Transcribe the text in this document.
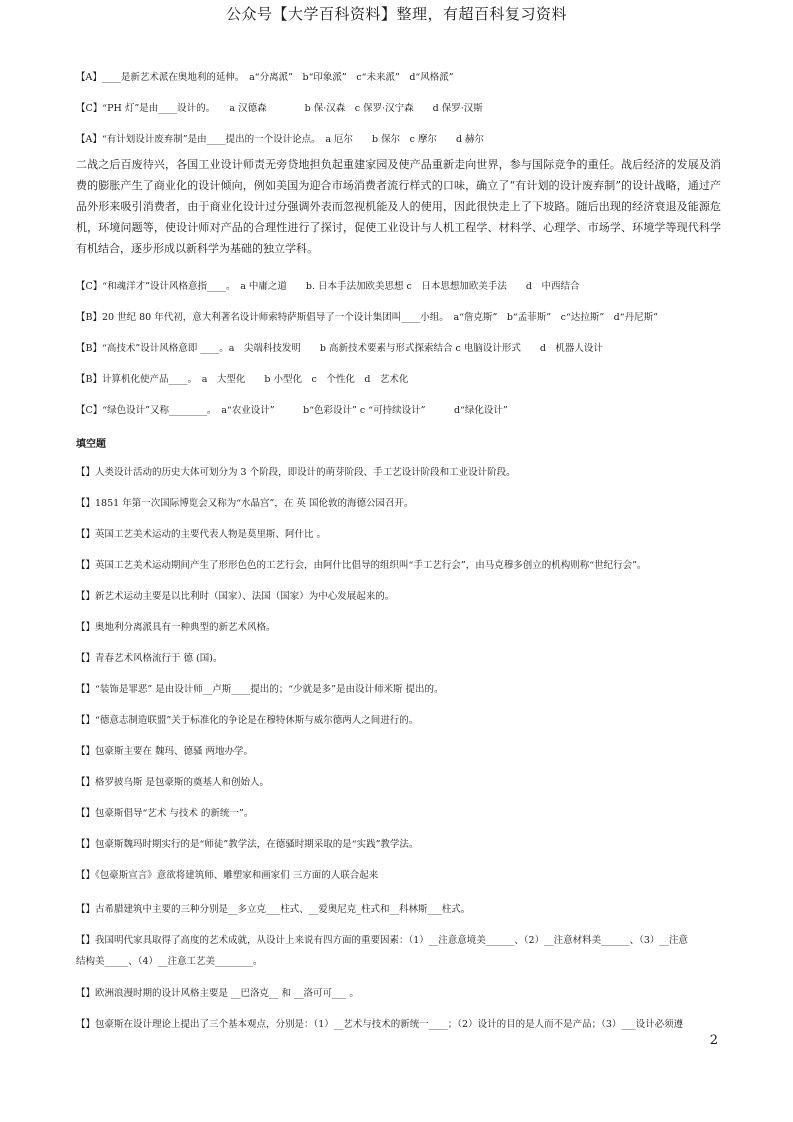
公众号【大学百科资料】整理，有超百科复习资料
【A】____是新艺术派在奥地利的延伸。　a“分离派”　b“印象派”　c“未来派”　d“风格派”
【C】“PH 灯”是由____设计的。　　a 汉德森　　　　b 保·汉森　c 保罗·汉宁森　　d 保罗·汉斯
【A】“有计划设计废弃制”是由____提出的一个设计论点。　a 厄尔　　b 保尔　c 摩尔　　d 赫尔
二战之后百废待兴，各国工业设计师责无旁贷地担负起重建家园及使产品重新走向世界，参与国际竞争的重任。战后经济的发展及消费的膨胀产生了商业化的设计倾向，例如美国为迎合市场消费者流行样式的口味，确立了“有计划的设计废弃制”的设计战略，通过产品外形来吸引消费者，由于商业化设计过分强调外表而忽视机能及人的使用，因此很快走上了下坡路。随后出现的经济衰退及能源危机，环境问题等，使设计师对产品的合理性进行了探讨，促使工业设计与人机工程学、材料学、心理学、市场学、环境学等现代科学有机结合，逐步形成以新科学为基础的独立学科。
【C】“和魂洋才”设计风格意指____。　a 中庸之道　　b. 日本手法加欧美思想 c　日本思想加欧美手法　　d　中西结合
【B】20 世纪 80 年代初，意大利著名设计师索特萨斯倡导了一个设计集团叫____小组。　a“詹克斯”　b“孟菲斯”　c“达拉斯”　d“丹尼斯”
【B】“高技术”设计风格意即 ____。a　尖端科技发明　　b 高新技术要素与形式探索结合 c 电脑设计形式　　d　机器人设计
【B】计算机化使产品____。　a　大型化　　b 小型化　c　个性化　d　艺术化
【C】“绿色设计”又称________。　a“农业设计”　　　b“色彩设计” c “可持续设计”　　　d“绿化设计”
填空题
【】人类设计活动的历史大体可划分为 3 个阶段，即设计的萌芽阶段、手工艺设计阶段和工业设计阶段。
【】1851 年第一次国际博览会又称为“水晶宫”，在 英 国伦敦的海德公园召开。
【】英国工艺美术运动的主要代表人物是莫里斯、阿什比 。
【】英国工艺美术运动期间产生了形形色色的工艺行会，由阿什比倡导的组织叫“手工艺行会”，由马克穆多创立的机构则称“世纪行会”。
【】新艺术运动主要是以比利时（国家）、法国（国家）为中心发展起来的。
【】奥地利分离派具有一种典型的新艺术风格。
【】青春艺术风格流行于 德 (国)。
【】“装饰是罪恶” 是由设计师__卢斯____提出的；“少就是多”是由设计师米斯 提出的。
【】“德意志制造联盟”关于标准化的争论是在穆特休斯与威尔德两人之间进行的。
【】包豪斯主要在 魏玛、德骚 两地办学。
【】格罗披乌斯 是包豪斯的奠基人和创始人。
【】包豪斯倡导“艺术 与技术 的新统一”。
【】包豪斯魏玛时期实行的是“师徒”教学法，在德骚时期采取的是“实践”教学法。
【】《包豪斯宣言》意欲将建筑师、雕塑家和画家们 三方面的人联合起来
【】古希腊建筑中主要的三种分别是__多立克___柱式、__爱奥尼克_柱式和__科林斯___柱式。
【】我国明代家具取得了高度的艺术成就，从设计上来说有四方面的重要因素：（1）__注意意境美______、（2）__注意材料美______、（3）__注意
结构美_____、（4）__注意工艺美________。
【】欧洲浪漫时期的设计风格主要是 __巴洛克__ 和 __洛可可___ 。
【】包豪斯在设计理论上提出了三个基本观点，分别是：（1）__艺术与技术的新统一____；（2）设计的目的是人而不是产品；（3）___设计必须遵
2
